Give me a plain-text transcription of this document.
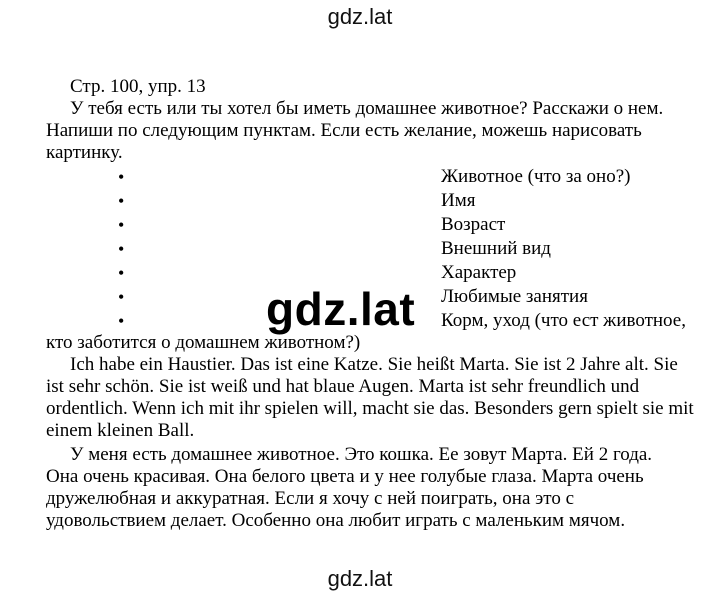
gdz.lat
Стр. 100, упр. 13
У тебя есть или ты хотел бы иметь домашнее животное? Расскажи о нем.
Напиши по следующим пунктам. Если есть желание, можешь нарисовать
картинку.
•	Животное (что за оно?)
•	Имя
•	Возраст
•	Внешний вид
•	Характер
•	Любимые занятия
•	Корм, уход (что ест животное,
кто заботится о домашнем животном?)
Ich habe ein Haustier. Das ist eine Katze. Sie heißt Marta. Sie ist 2 Jahre alt. Sie
ist sehr schön. Sie ist weiß und hat blaue Augen. Marta ist sehr freundlich und
ordentlich. Wenn ich mit ihr spielen will, macht sie das. Besonders gern spielt sie mit
einem kleinen Ball.
У меня есть домашнее животное. Это кошка. Ее зовут Марта. Ей 2 года.
Она очень красивая. Она белого цвета и у нее голубые глаза. Марта очень
дружелюбная и аккуратная. Если я хочу с ней поиграть, она это с
удовольствием делает. Особенно она любит играть с маленьким мячом.
gdz.lat
gdz.lat
